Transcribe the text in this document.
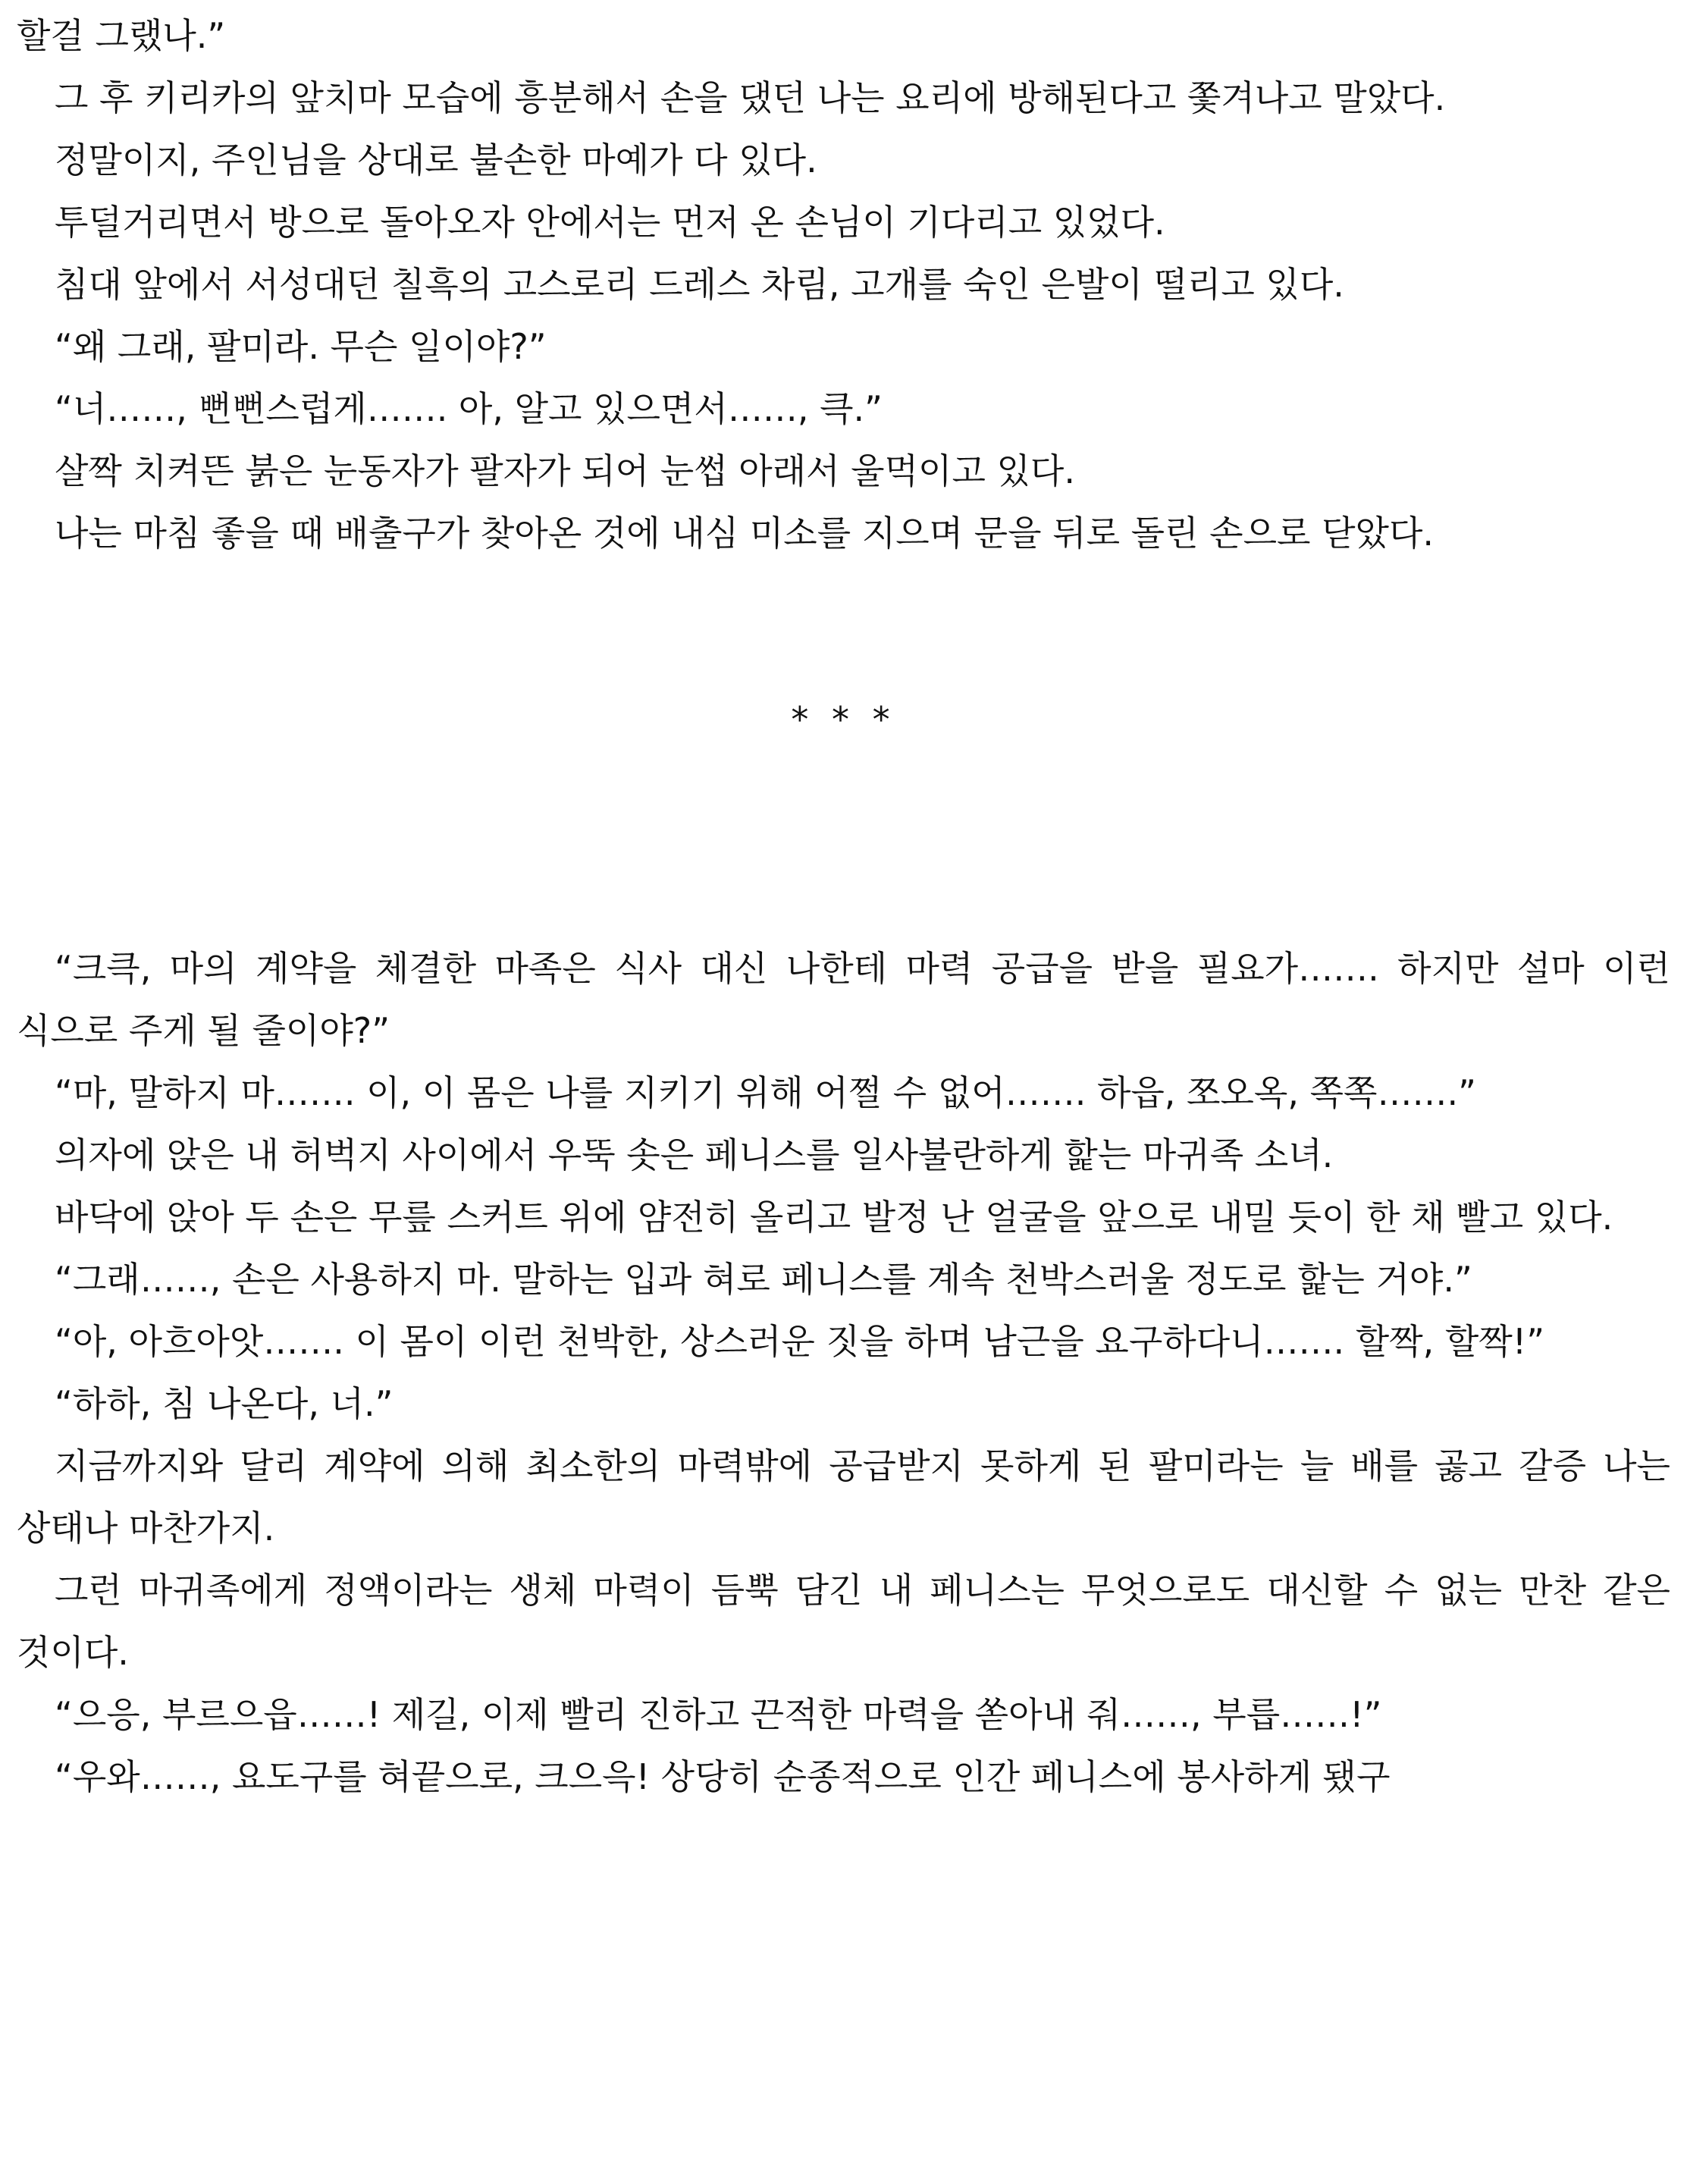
할걸 그랬나.”

그 후 키리카의 앞치마 모습에 흥분해서 손을 댔던 나는 요리에 방해된다고 쫓겨나고 말았다.

정말이지, 주인님을 상대로 불손한 마예가 다 있다.

투덜거리면서 방으로 돌아오자 안에서는 먼저 온 손님이 기다리고 있었다.

침대 앞에서 서성대던 칠흑의 고스로리 드레스 차림, 고개를 숙인 은발이 떨리고 있다.

“왜 그래, 팔미라. 무슨 일이야?”

“너……, 뻔뻔스럽게……. 아, 알고 있으면서……, 큭.”

살짝 치켜뜬 붉은 눈동자가 팔자가 되어 눈썹 아래서 울먹이고 있다.

나는 마침 좋을 때 배출구가 찾아온 것에 내심 미소를 지으며 문을 뒤로 돌린 손으로 닫았다.

* * *

“크큭, 마의 계약을 체결한 마족은 식사 대신 나한테 마력 공급을 받을 필요가……. 하지만 설마 이런 식으로 주게 될 줄이야?”

“마, 말하지 마……. 이, 이 몸은 나를 지키기 위해 어쩔 수 없어……. 하읍, 쪼오옥, 쪽쪽…….”

의자에 앉은 내 허벅지 사이에서 우뚝 솟은 페니스를 일사불란하게 핥는 마귀족 소녀.

바닥에 앉아 두 손은 무릎 스커트 위에 얌전히 올리고 발정 난 얼굴을 앞으로 내밀 듯이 한 채 빨고 있다.

“그래……, 손은 사용하지 마. 말하는 입과 혀로 페니스를 계속 천박스러울 정도로 핥는 거야.”

“아, 아흐아앗……. 이 몸이 이런 천박한, 상스러운 짓을 하며 남근을 요구하다니……. 할짝, 할짝!”

“하하, 침 나온다, 너.”

지금까지와 달리 계약에 의해 최소한의 마력밖에 공급받지 못하게 된 팔미라는 늘 배를 곯고 갈증 나는 상태나 마찬가지.

그런 마귀족에게 정액이라는 생체 마력이 듬뿍 담긴 내 페니스는 무엇으로도 대신할 수 없는 만찬 같은 것이다.

“으응, 부르으읍……! 제길, 이제 빨리 진하고 끈적한 마력을 쏟아내 줘……, 부릅……!”

“우와……, 요도구를 혀끝으로, 크으윽! 상당히 순종적으로 인간 페니스에 봉사하게 됐구
